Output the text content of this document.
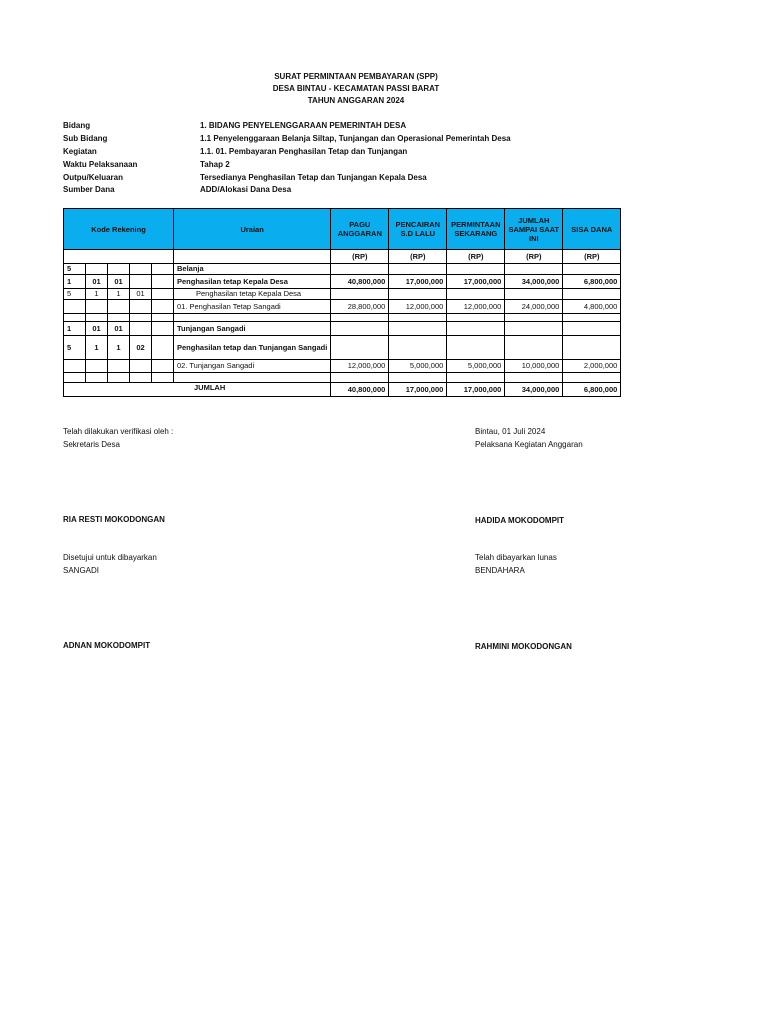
SURAT PERMINTAAN PEMBAYARAN (SPP)
DESA BINTAU - KECAMATAN PASSI BARAT
TAHUN ANGGARAN 2024
Bidang	1. BIDANG PENYELENGGARAAN PEMERINTAH DESA
Sub Bidang	1.1 Penyelenggaraan Belanja Siltap, Tunjangan dan Operasional Pemerintah Desa
Kegiatan	1.1. 01. Pembayaran Penghasilan Tetap dan Tunjangan
Waktu Pelaksanaan	Tahap 2
Outpu/Keluaran	Tersedianya Penghasilan Tetap dan Tunjangan Kepala Desa
Sumber Dana	ADD/Alokasi Dana Desa
Kode Rekening					Uraian	PAGU ANGGARAN	PENCAIRAN S.D LALU	PERMINTAAN SEKARANG	JUMLAH SAMPAI SAAT INI	SISA DANA
						(RP)	(RP)	(RP)	(RP)	(RP)
5					Belanja					
1	01	01			Penghasilan tetap Kepala Desa	40,800,000	17,000,000	17,000,000	34,000,000	6,800,000
5	1	1	01		Penghasilan tetap Kepala Desa					
					01. Penghasilan Tetap Sangadi	28,800,000	12,000,000	12,000,000	24,000,000	4,800,000

1	01	01			Tunjangan Sangadi					
5	1	1	02		Penghasilan tetap dan Tunjangan Sangadi					
					02. Tunjangan Sangadi	12,000,000	5,000,000	5,000,000	10,000,000	2,000,000

JUMLAH						40,800,000	17,000,000	17,000,000	34,000,000	6,800,000
Telah dilakukan verifikasi oleh :
Sekretaris Desa
RIA RESTI MOKODONGAN
Disetujui untuk dibayarkan
SANGADI
ADNAN MOKODOMPIT
Bintau, 01 Juli 2024
Pelaksana Kegiatan Anggaran
HADIDA MOKODOMPIT
Telah dibayarkan lunas
BENDAHARA
RAHMINI MOKODONGAN
